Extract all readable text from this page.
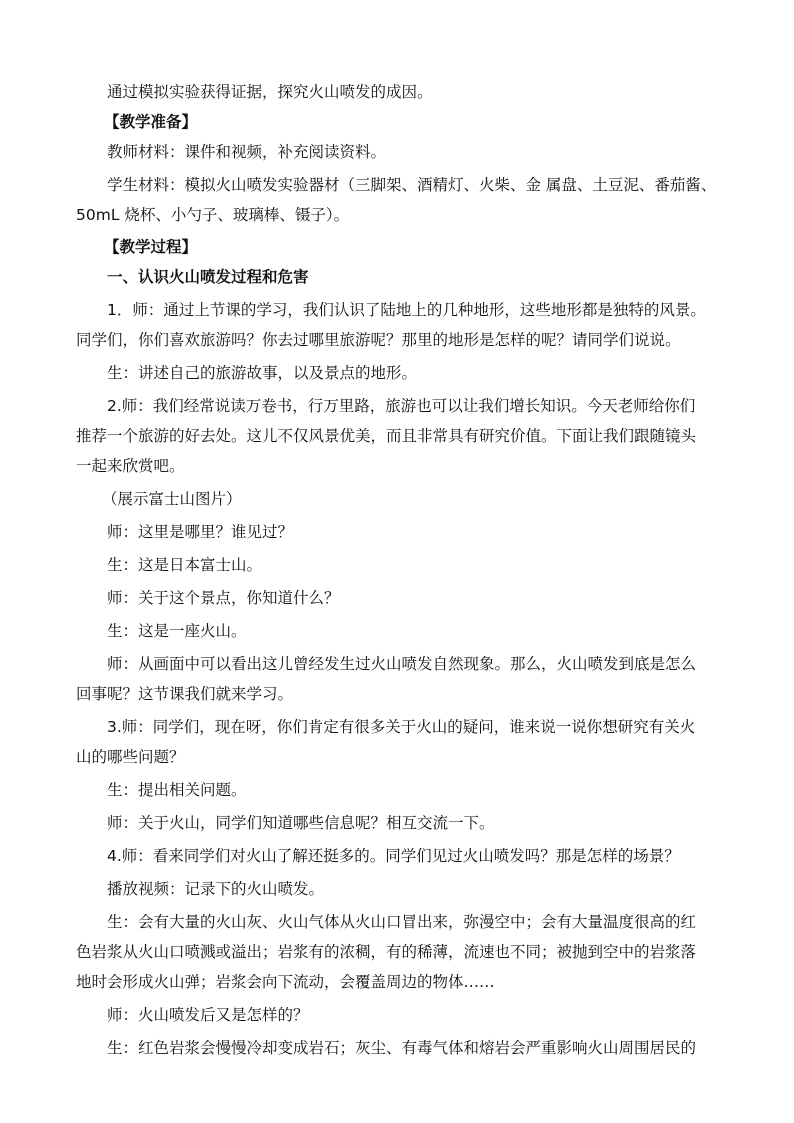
通过模拟实验获得证据，探究火山喷发的成因。
【教学准备】
教师材料：课件和视频，补充阅读资料。
学生材料：模拟火山喷发实验器材（三脚架、酒精灯、火柴、金 属盘、土豆泥、番茄酱、
50mL 烧杯、小勺子、玻璃棒、镊子）。
【教学过程】
一、认识火山喷发过程和危害
1．师：通过上节课的学习，我们认识了陆地上的几种地形，这些地形都是独特的风景。
同学们，你们喜欢旅游吗？你去过哪里旅游呢？那里的地形是怎样的呢？请同学们说说。
生：讲述自己的旅游故事，以及景点的地形。
2.师：我们经常说读万卷书，行万里路，旅游也可以让我们增长知识。今天老师给你们
推荐一个旅游的好去处。这儿不仅风景优美，而且非常具有研究价值。下面让我们跟随镜头
一起来欣赏吧。
（展示富士山图片）
师：这里是哪里？谁见过？
生：这是日本富士山。
师：关于这个景点，你知道什么？
生：这是一座火山。
师：从画面中可以看出这儿曾经发生过火山喷发自然现象。那么，火山喷发到底是怎么
回事呢？这节课我们就来学习。
3.师：同学们，现在呀，你们肯定有很多关于火山的疑问，谁来说一说你想研究有关火
山的哪些问题？
生：提出相关问题。
师：关于火山，同学们知道哪些信息呢？相互交流一下。
4.师：看来同学们对火山了解还挺多的。同学们见过火山喷发吗？那是怎样的场景？
播放视频：记录下的火山喷发。
生：会有大量的火山灰、火山气体从火山口冒出来，弥漫空中；会有大量温度很高的红
色岩浆从火山口喷溅或溢出；岩浆有的浓稠，有的稀薄，流速也不同；被抛到空中的岩浆落
地时会形成火山弹；岩浆会向下流动，会覆盖周边的物体……
师：火山喷发后又是怎样的？
生：红色岩浆会慢慢冷却变成岩石；灰尘、有毒气体和熔岩会严重影响火山周围居民的
